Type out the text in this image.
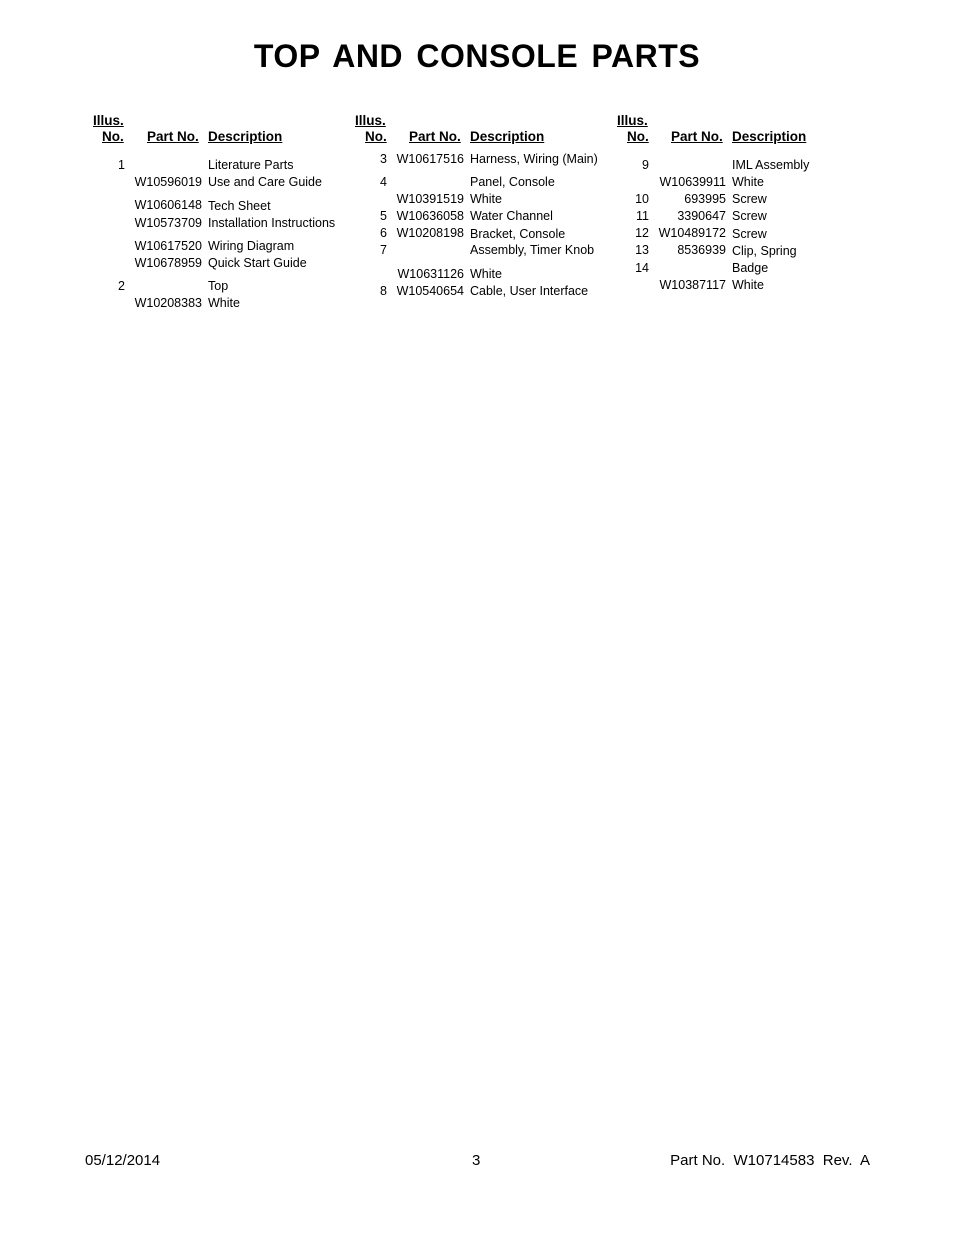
TOP AND CONSOLE PARTS
Illus.
No. Part No. Description
1	Literature Parts
W10596019 Use and Care Guide
W10606148 Tech Sheet
W10573709 Installation Instructions
W10617520 Wiring Diagram
W10678959 Quick Start Guide
2	Top
W10208383 White
Illus.
No. Part No. Description
3 W10617516 Harness, Wiring (Main)
4	Panel, Console
W10391519 White
5 W10636058 Water Channel
6 W10208198 Bracket, Console
7	Assembly, Timer Knob
W10631126 White
8 W10540654 Cable, User Interface
Illus.
No. Part No. Description
9	IML Assembly
W10639911 White
10	693995 Screw
11	3390647 Screw
12 W10489172 Screw
13	8536939 Clip, Spring
14	Badge
W10387117 White
05/12/2014	3	Part No.  W10714583  Rev.  A
